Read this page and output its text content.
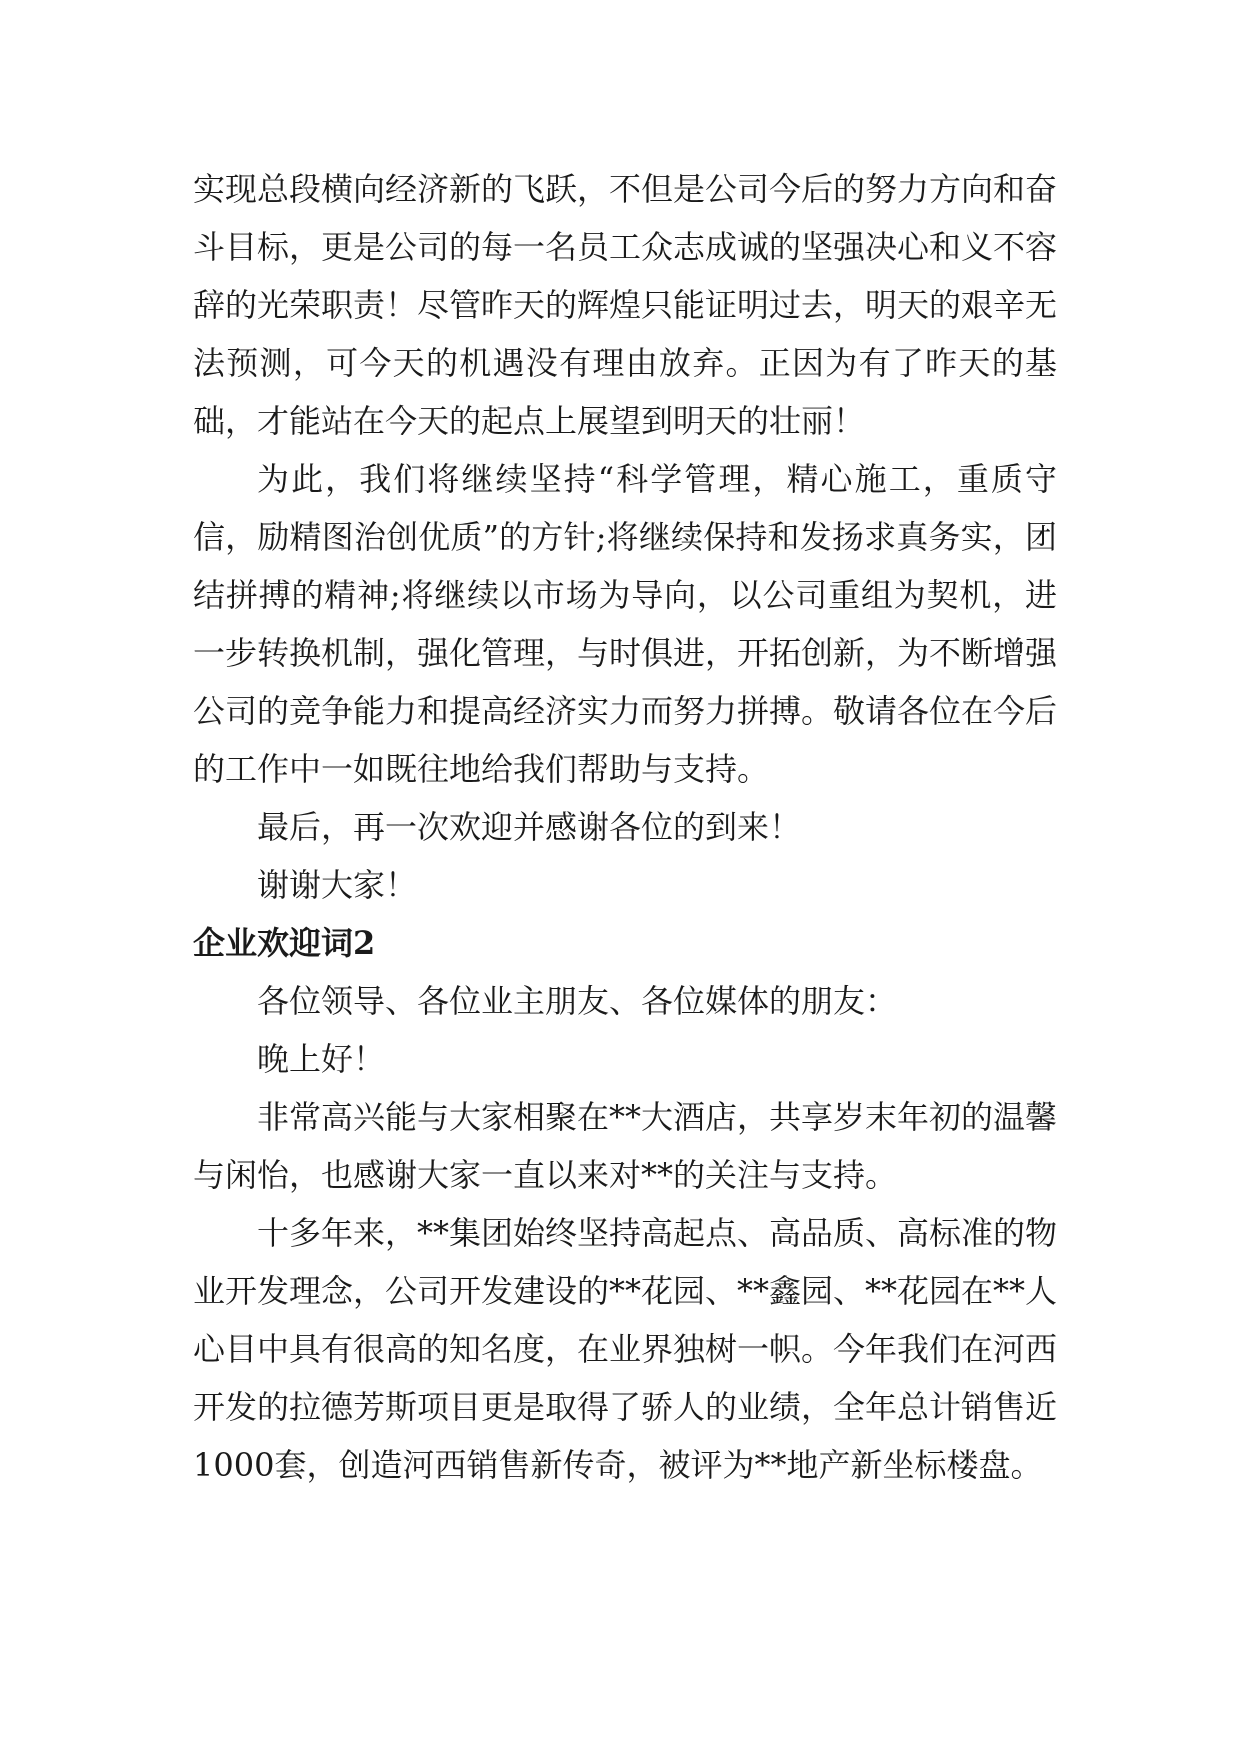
实现总段横向经济新的飞跃，不但是公司今后的努力方向和奋斗目标，更是公司的每一名员工众志成诚的坚强决心和义不容辞的光荣职责！尽管昨天的辉煌只能证明过去，明天的艰辛无法预测，可今天的机遇没有理由放弃。正因为有了昨天的基础，才能站在今天的起点上展望到明天的壮丽！

为此，我们将继续坚持“科学管理，精心施工，重质守信，励精图治创优质”的方针;将继续保持和发扬求真务实，团结拼搏的精神;将继续以市场为导向，以公司重组为契机，进一步转换机制，强化管理，与时俱进，开拓创新，为不断增强公司的竞争能力和提高经济实力而努力拼搏。敬请各位在今后的工作中一如既往地给我们帮助与支持。

最后，再一次欢迎并感谢各位的到来！

谢谢大家！

企业欢迎词2

各位领导、各位业主朋友、各位媒体的朋友：

晚上好！

非常高兴能与大家相聚在**大酒店，共享岁末年初的温馨与闲怡，也感谢大家一直以来对**的关注与支持。

十多年来，**集团始终坚持高起点、高品质、高标准的物业开发理念，公司开发建设的**花园、**鑫园、**花园在**人心目中具有很高的知名度，在业界独树一帜。今年我们在河西开发的拉德芳斯项目更是取得了骄人的业绩，全年总计销售近1000套，创造河西销售新传奇，被评为**地产新坐标楼盘。
